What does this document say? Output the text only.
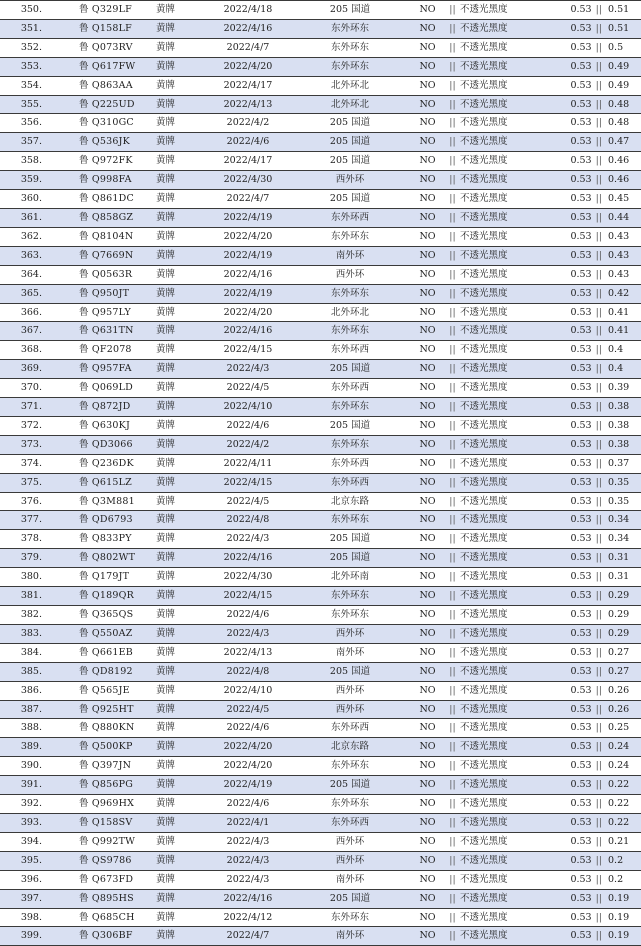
350.	鲁 Q329LF	黄牌	2022/4/18	205 国道	NO	||	不透光黑度	0.53 ||	0.51
351.	鲁 Q158LF	黄牌	2022/4/16	东外环东	NO	||	不透光黑度	0.53 ||	0.51
352.	鲁 Q073RV	黄牌	2022/4/7	东外环东	NO	||	不透光黑度	0.53 ||	0.5
353.	鲁 Q617FW	黄牌	2022/4/20	东外环东	NO	||	不透光黑度	0.53 ||	0.49
354.	鲁 Q863AA	黄牌	2022/4/17	北外环北	NO	||	不透光黑度	0.53 ||	0.49
355.	鲁 Q225UD	黄牌	2022/4/13	北外环北	NO	||	不透光黑度	0.53 ||	0.48
356.	鲁 Q310GC	黄牌	2022/4/2	205 国道	NO	||	不透光黑度	0.53 ||	0.48
357.	鲁 Q536JK	黄牌	2022/4/6	205 国道	NO	||	不透光黑度	0.53 ||	0.47
358.	鲁 Q972FK	黄牌	2022/4/17	205 国道	NO	||	不透光黑度	0.53 ||	0.46
359.	鲁 Q998FA	黄牌	2022/4/30	西外环	NO	||	不透光黑度	0.53 ||	0.46
360.	鲁 Q861DC	黄牌	2022/4/7	205 国道	NO	||	不透光黑度	0.53 ||	0.45
361.	鲁 Q858GZ	黄牌	2022/4/19	东外环西	NO	||	不透光黑度	0.53 ||	0.44
362.	鲁 Q8104N	黄牌	2022/4/20	东外环东	NO	||	不透光黑度	0.53 ||	0.43
363.	鲁 Q7669N	黄牌	2022/4/19	南外环	NO	||	不透光黑度	0.53 ||	0.43
364.	鲁 Q0563R	黄牌	2022/4/16	西外环	NO	||	不透光黑度	0.53 ||	0.43
365.	鲁 Q950JT	黄牌	2022/4/19	东外环东	NO	||	不透光黑度	0.53 ||	0.42
366.	鲁 Q957LY	黄牌	2022/4/20	北外环北	NO	||	不透光黑度	0.53 ||	0.41
367.	鲁 Q631TN	黄牌	2022/4/16	东外环东	NO	||	不透光黑度	0.53 ||	0.41
368.	鲁 QF2078	黄牌	2022/4/15	东外环西	NO	||	不透光黑度	0.53 ||	0.4
369.	鲁 Q957FA	黄牌	2022/4/3	205 国道	NO	||	不透光黑度	0.53 ||	0.4
370.	鲁 Q069LD	黄牌	2022/4/5	东外环西	NO	||	不透光黑度	0.53 ||	0.39
371.	鲁 Q872JD	黄牌	2022/4/10	东外环东	NO	||	不透光黑度	0.53 ||	0.38
372.	鲁 Q630KJ	黄牌	2022/4/6	205 国道	NO	||	不透光黑度	0.53 ||	0.38
373.	鲁 QD3066	黄牌	2022/4/2	东外环东	NO	||	不透光黑度	0.53 ||	0.38
374.	鲁 Q236DK	黄牌	2022/4/11	东外环西	NO	||	不透光黑度	0.53 ||	0.37
375.	鲁 Q615LZ	黄牌	2022/4/15	东外环西	NO	||	不透光黑度	0.53 ||	0.35
376.	鲁 Q3M881	黄牌	2022/4/5	北京东路	NO	||	不透光黑度	0.53 ||	0.35
377.	鲁 QD6793	黄牌	2022/4/8	东外环东	NO	||	不透光黑度	0.53 ||	0.34
378.	鲁 Q833PY	黄牌	2022/4/3	205 国道	NO	||	不透光黑度	0.53 ||	0.34
379.	鲁 Q802WT	黄牌	2022/4/16	205 国道	NO	||	不透光黑度	0.53 ||	0.31
380.	鲁 Q179JT	黄牌	2022/4/30	北外环南	NO	||	不透光黑度	0.53 ||	0.31
381.	鲁 Q189QR	黄牌	2022/4/15	东外环东	NO	||	不透光黑度	0.53 ||	0.29
382.	鲁 Q365QS	黄牌	2022/4/6	东外环东	NO	||	不透光黑度	0.53 ||	0.29
383.	鲁 Q550AZ	黄牌	2022/4/3	西外环	NO	||	不透光黑度	0.53 ||	0.29
384.	鲁 Q661EB	黄牌	2022/4/13	南外环	NO	||	不透光黑度	0.53 ||	0.27
385.	鲁 QD8192	黄牌	2022/4/8	205 国道	NO	||	不透光黑度	0.53 ||	0.27
386.	鲁 Q565JE	黄牌	2022/4/10	西外环	NO	||	不透光黑度	0.53 ||	0.26
387.	鲁 Q925HT	黄牌	2022/4/5	西外环	NO	||	不透光黑度	0.53 ||	0.26
388.	鲁 Q880KN	黄牌	2022/4/6	东外环西	NO	||	不透光黑度	0.53 ||	0.25
389.	鲁 Q500KP	黄牌	2022/4/20	北京东路	NO	||	不透光黑度	0.53 ||	0.24
390.	鲁 Q397JN	黄牌	2022/4/20	东外环东	NO	||	不透光黑度	0.53 ||	0.24
391.	鲁 Q856PG	黄牌	2022/4/19	205 国道	NO	||	不透光黑度	0.53 ||	0.22
392.	鲁 Q969HX	黄牌	2022/4/6	东外环东	NO	||	不透光黑度	0.53 ||	0.22
393.	鲁 Q158SV	黄牌	2022/4/1	东外环西	NO	||	不透光黑度	0.53 ||	0.22
394.	鲁 Q992TW	黄牌	2022/4/3	西外环	NO	||	不透光黑度	0.53 ||	0.21
395.	鲁 QS9786	黄牌	2022/4/3	西外环	NO	||	不透光黑度	0.53 ||	0.2
396.	鲁 Q673FD	黄牌	2022/4/3	南外环	NO	||	不透光黑度	0.53 ||	0.2
397.	鲁 Q895HS	黄牌	2022/4/16	205 国道	NO	||	不透光黑度	0.53 ||	0.19
398.	鲁 Q685CH	黄牌	2022/4/12	东外环东	NO	||	不透光黑度	0.53 ||	0.19
399.	鲁 Q306BF	黄牌	2022/4/7	南外环	NO	||	不透光黑度	0.53 ||	0.19
